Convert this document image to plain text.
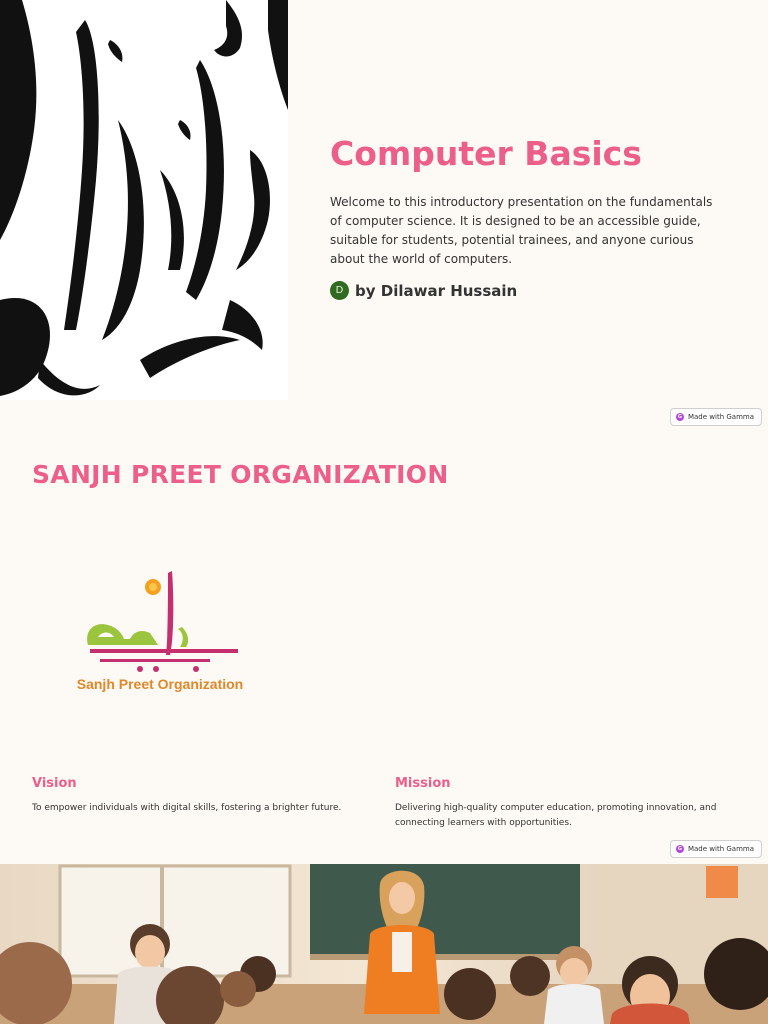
Computer Basics

Welcome to this introductory presentation on the fundamentals of computer science. It is designed to be an accessible guide, suitable for students, potential trainees, and anyone curious about the world of computers.

D by Dilawar Hussain
G Made with Gamma
SANJH PREET ORGANIZATION
Sanjh Preet Organization
Vision
To empower individuals with digital skills, fostering a brighter future.
Mission
Delivering high-quality computer education, promoting innovation, and connecting learners with opportunities.
G Made with Gamma
